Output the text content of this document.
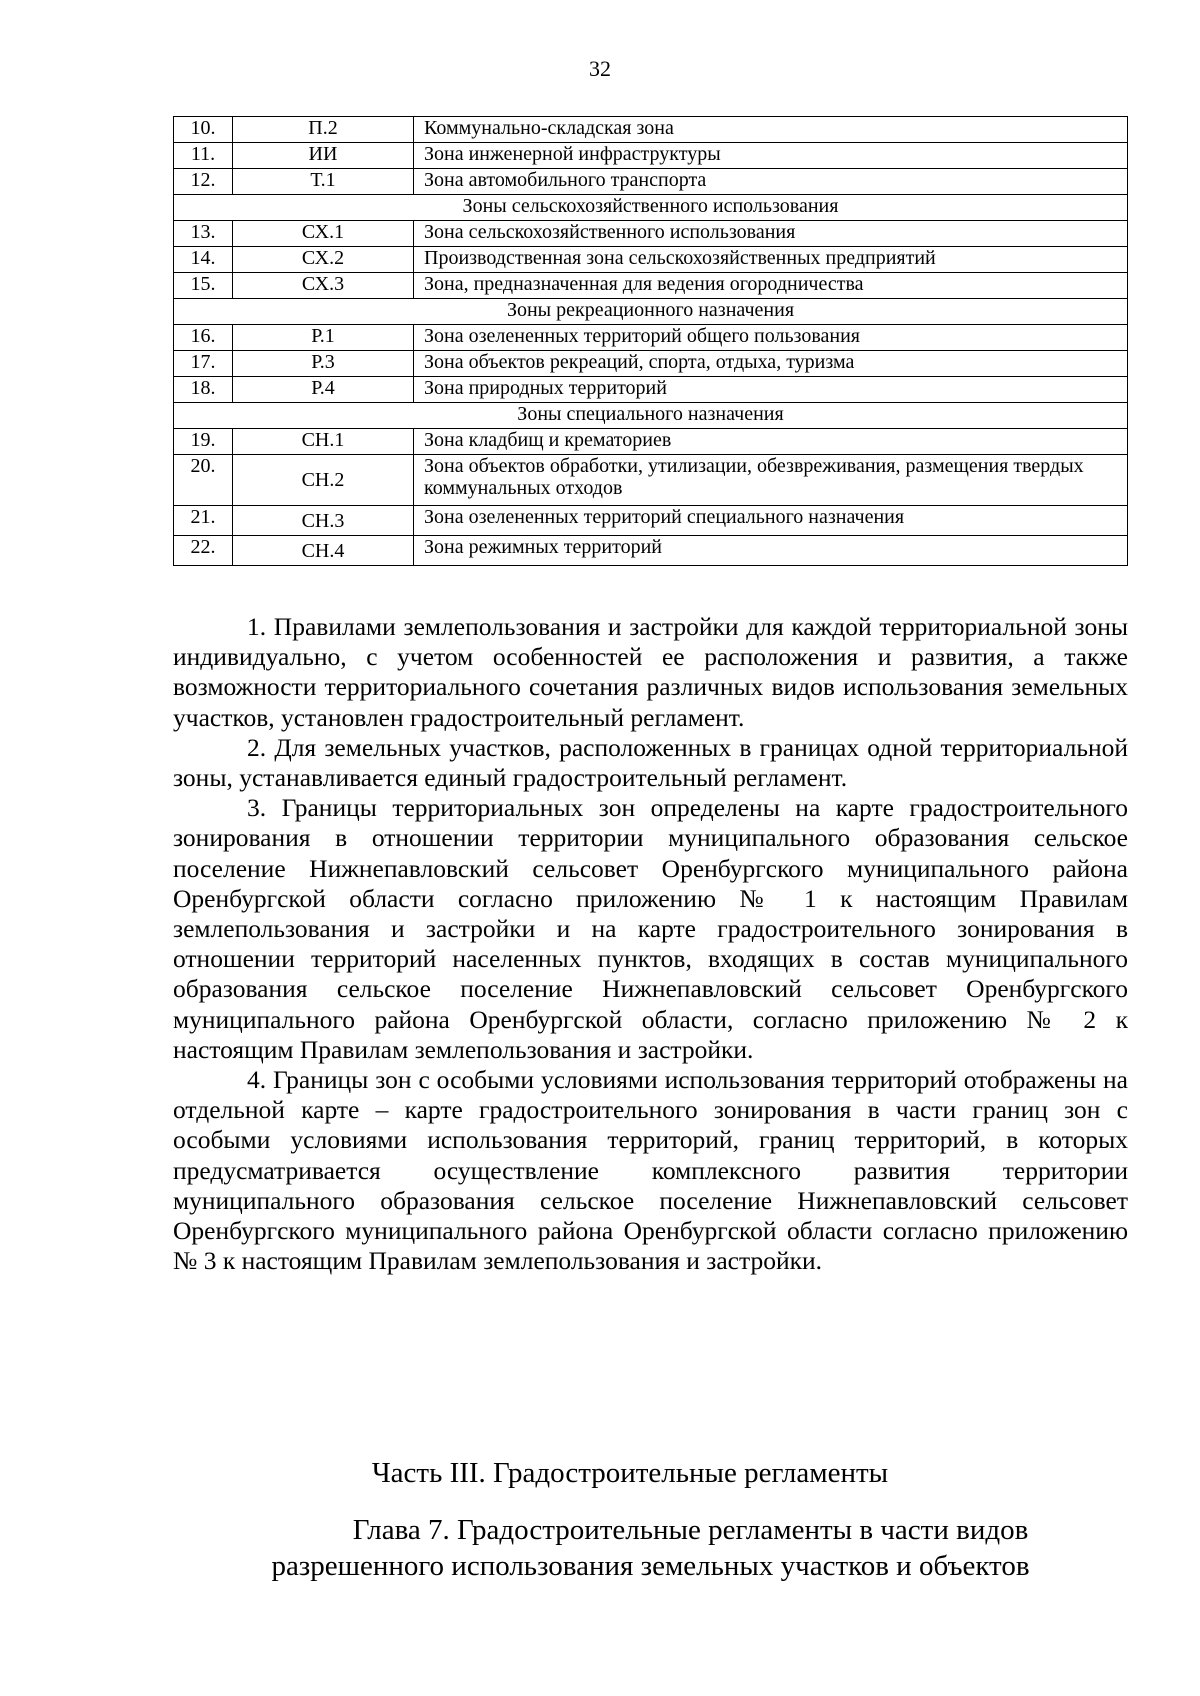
32
10.	П.2	Коммунально-складская зона
11.	ИИ	Зона инженерной инфраструктуры
12.	Т.1	Зона автомобильного транспорта
Зоны сельскохозяйственного использования		
13.	СХ.1	Зона сельскохозяйственного использования
14.	СХ.2	Производственная зона сельскохозяйственных предприятий
15.	СХ.3	Зона, предназначенная для ведения огородничества
Зоны рекреационного назначения		
16.	Р.1	Зона озелененных территорий общего пользования
17.	Р.3	Зона объектов рекреаций, спорта, отдыха, туризма
18.	Р.4	Зона природных территорий
Зоны специального назначения		
19.	СН.1	Зона кладбищ и крематориев
20.	СН.2	Зона объектов обработки, утилизации, обезвреживания, размещения твердых коммунальных отходов
21.	СН.3	Зона озелененных территорий специального назначения
22.	СН.4	Зона режимных территорий

1. Правилами землепользования и застройки для каждой территориальной зоны индивидуально, с учетом особенностей ее расположения и развития, а также возможности территориального сочетания различных видов использования земельных участков, установлен градостроительный регламент.

2. Для земельных участков, расположенных в границах одной территориальной зоны, устанавливается единый градостроительный регламент.

3. Границы территориальных зон определены на карте градостроительного зонирования в отношении территории муниципального образования сельское поселение Нижнепавловский сельсовет Оренбургского муниципального района Оренбургской области согласно приложению № 1 к настоящим Правилам землепользования и застройки и на карте градостроительного зонирования в отношении территорий населенных пунктов, входящих в состав муниципального образования сельское поселение Нижнепавловский сельсовет Оренбургского муниципального района Оренбургской области, согласно приложению № 2 к настоящим Правилам землепользования и застройки.

4. Границы зон с особыми условиями использования территорий отображены на отдельной карте – карте градостроительного зонирования в части границ зон с особыми условиями использования территорий, границ территорий, в которых предусматривается осуществление комплексного развития территории муниципального образования сельское поселение Нижнепавловский сельсовет Оренбургского муниципального района Оренбургской области согласно приложению № 3 к настоящим Правилам землепользования и застройки.

Часть III. Градостроительные регламенты
Глава 7. Градостроительные регламенты в части видов
разрешенного использования земельных участков и объектов
